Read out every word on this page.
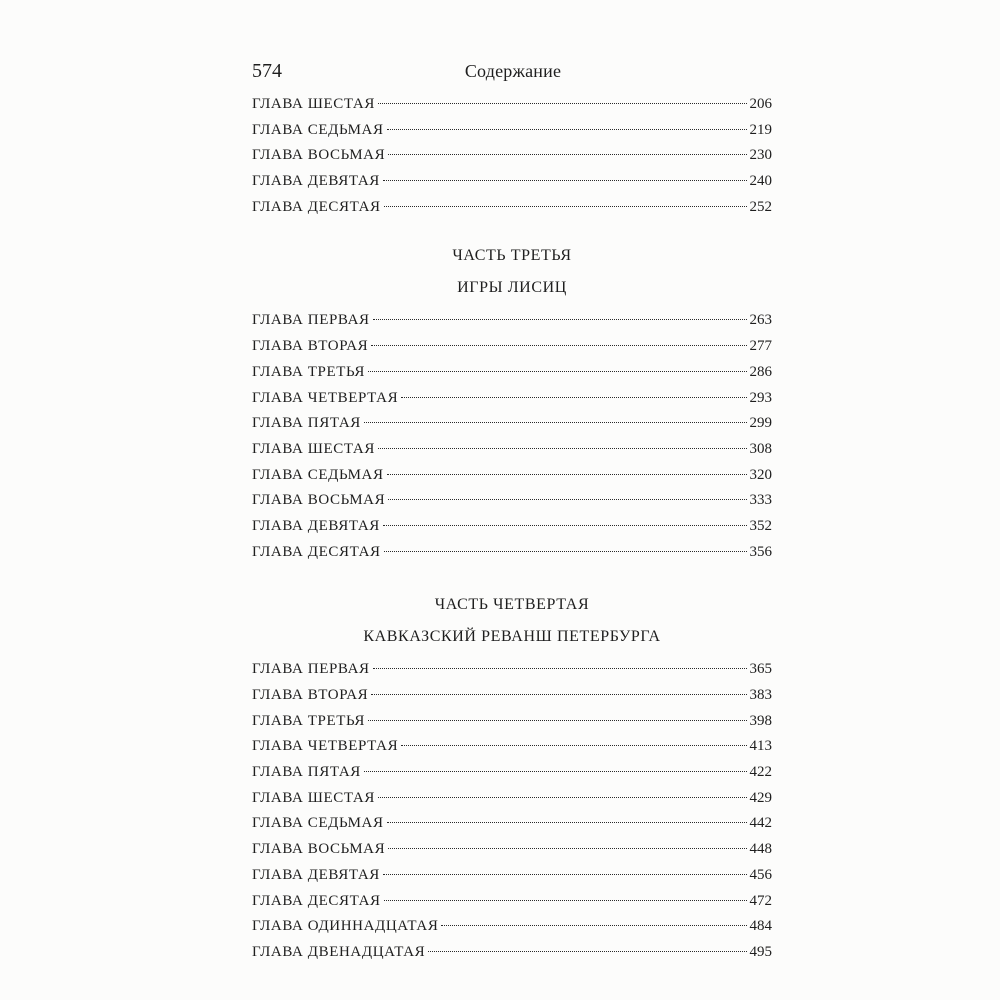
574	Содержание
ГЛАВА ШЕСТАЯ	206
ГЛАВА СЕДЬМАЯ	219
ГЛАВА ВОСЬМАЯ	230
ГЛАВА ДЕВЯТАЯ	240
ГЛАВА ДЕСЯТАЯ	252
ЧАСТЬ ТРЕТЬЯ
ИГРЫ ЛИСИЦ
ГЛАВА ПЕРВАЯ	263
ГЛАВА ВТОРАЯ	277
ГЛАВА ТРЕТЬЯ	286
ГЛАВА ЧЕТВЕРТАЯ	293
ГЛАВА ПЯТАЯ	299
ГЛАВА ШЕСТАЯ	308
ГЛАВА СЕДЬМАЯ	320
ГЛАВА ВОСЬМАЯ	333
ГЛАВА ДЕВЯТАЯ	352
ГЛАВА ДЕСЯТАЯ	356
ЧАСТЬ ЧЕТВЕРТАЯ
КАВКАЗСКИЙ РЕВАНШ ПЕТЕРБУРГА
ГЛАВА ПЕРВАЯ	365
ГЛАВА ВТОРАЯ	383
ГЛАВА ТРЕТЬЯ	398
ГЛАВА ЧЕТВЕРТАЯ	413
ГЛАВА ПЯТАЯ	422
ГЛАВА ШЕСТАЯ	429
ГЛАВА СЕДЬМАЯ	442
ГЛАВА ВОСЬМАЯ	448
ГЛАВА ДЕВЯТАЯ	456
ГЛАВА ДЕСЯТАЯ	472
ГЛАВА ОДИННАДЦАТАЯ	484
ГЛАВА ДВЕНАДЦАТАЯ	495
